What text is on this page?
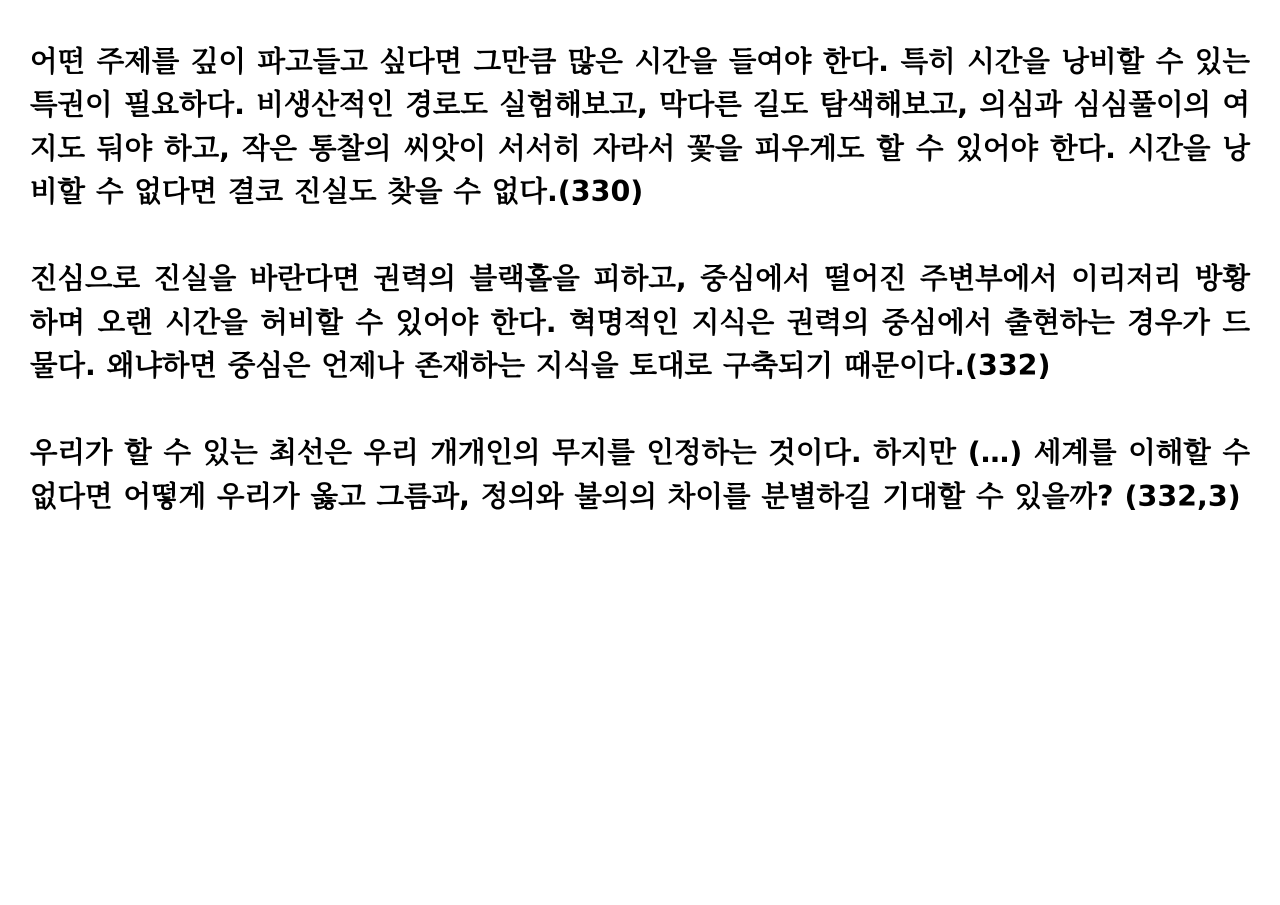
어떤 주제를 깊이 파고들고 싶다면 그만큼 많은 시간을 들여야 한다. 특히 시간을 낭비할 수 있는 특권이 필요하다. 비생산적인 경로도 실험해보고, 막다른 길도 탐색해보고, 의심과 심심풀이의 여지도 둬야 하고, 작은 통찰의 씨앗이 서서히 자라서 꽃을 피우게도 할 수 있어야 한다. 시간을 낭비할 수 없다면 결코 진실도 찾을 수 없다.(330)

진심으로 진실을 바란다면 권력의 블랙홀을 피하고, 중심에서 떨어진 주변부에서 이리저리 방황하며 오랜 시간을 허비할 수 있어야 한다. 혁명적인 지식은 권력의 중심에서 출현하는 경우가 드물다. 왜냐하면 중심은 언제나 존재하는 지식을 토대로 구축되기 때문이다.(332)

우리가 할 수 있는 최선은 우리 개개인의 무지를 인정하는 것이다. 하지만 (…) 세계를 이해할 수 없다면 어떻게 우리가 옳고 그름과, 정의와 불의의 차이를 분별하길 기대할 수 있을까? (332,3)
